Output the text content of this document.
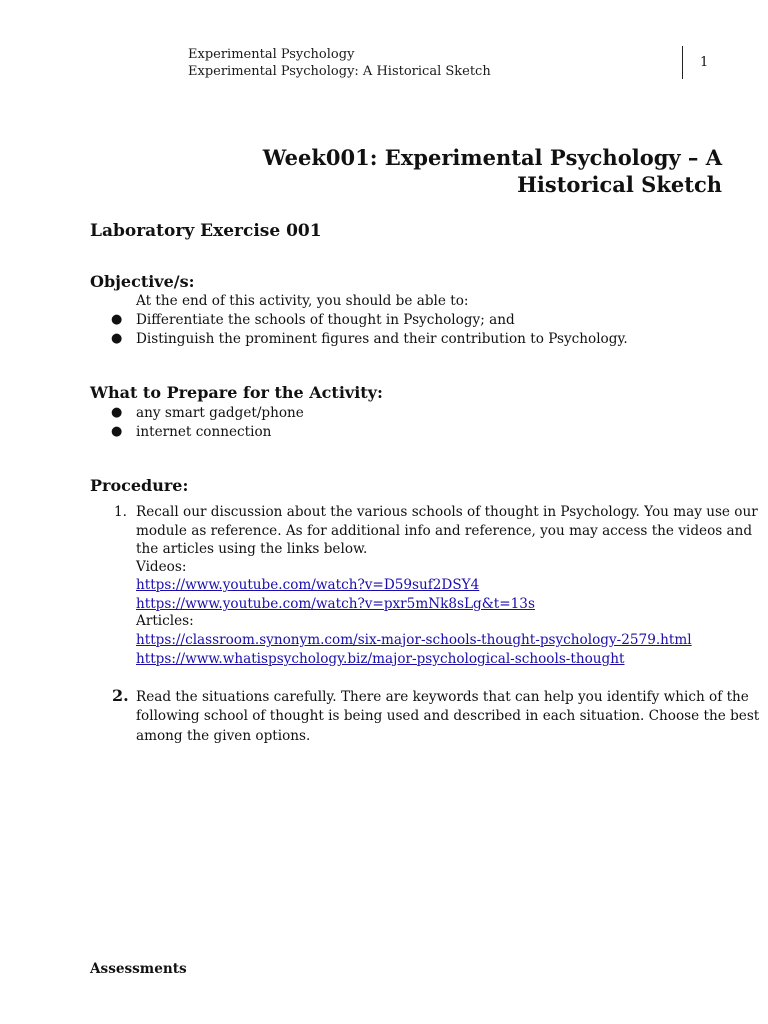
Experimental Psychology
Experimental Psychology: A Historical Sketch
1
Week001: Experimental Psychology – A
Historical Sketch
Laboratory Exercise 001
Objective/s:
At the end of this activity, you should be able to:
● Differentiate the schools of thought in Psychology; and
● Distinguish the prominent figures and their contribution to Psychology.
What to Prepare for the Activity:
● any smart gadget/phone
● internet connection
Procedure:
1. Recall our discussion about the various schools of thought in Psychology. You may use our
module as reference. As for additional info and reference, you may access the videos and
the articles using the links below.
Videos:
https://www.youtube.com/watch?v=D59suf2DSY4
https://www.youtube.com/watch?v=pxr5mNk8sLg&t=13s
Articles:
https://classroom.synonym.com/six-major-schools-thought-psychology-2579.html
https://www.whatispsychology.biz/major-psychological-schools-thought
2. Read the situations carefully. There are keywords that can help you identify which of the
following school of thought is being used and described in each situation. Choose the best
among the given options.
Assessments
